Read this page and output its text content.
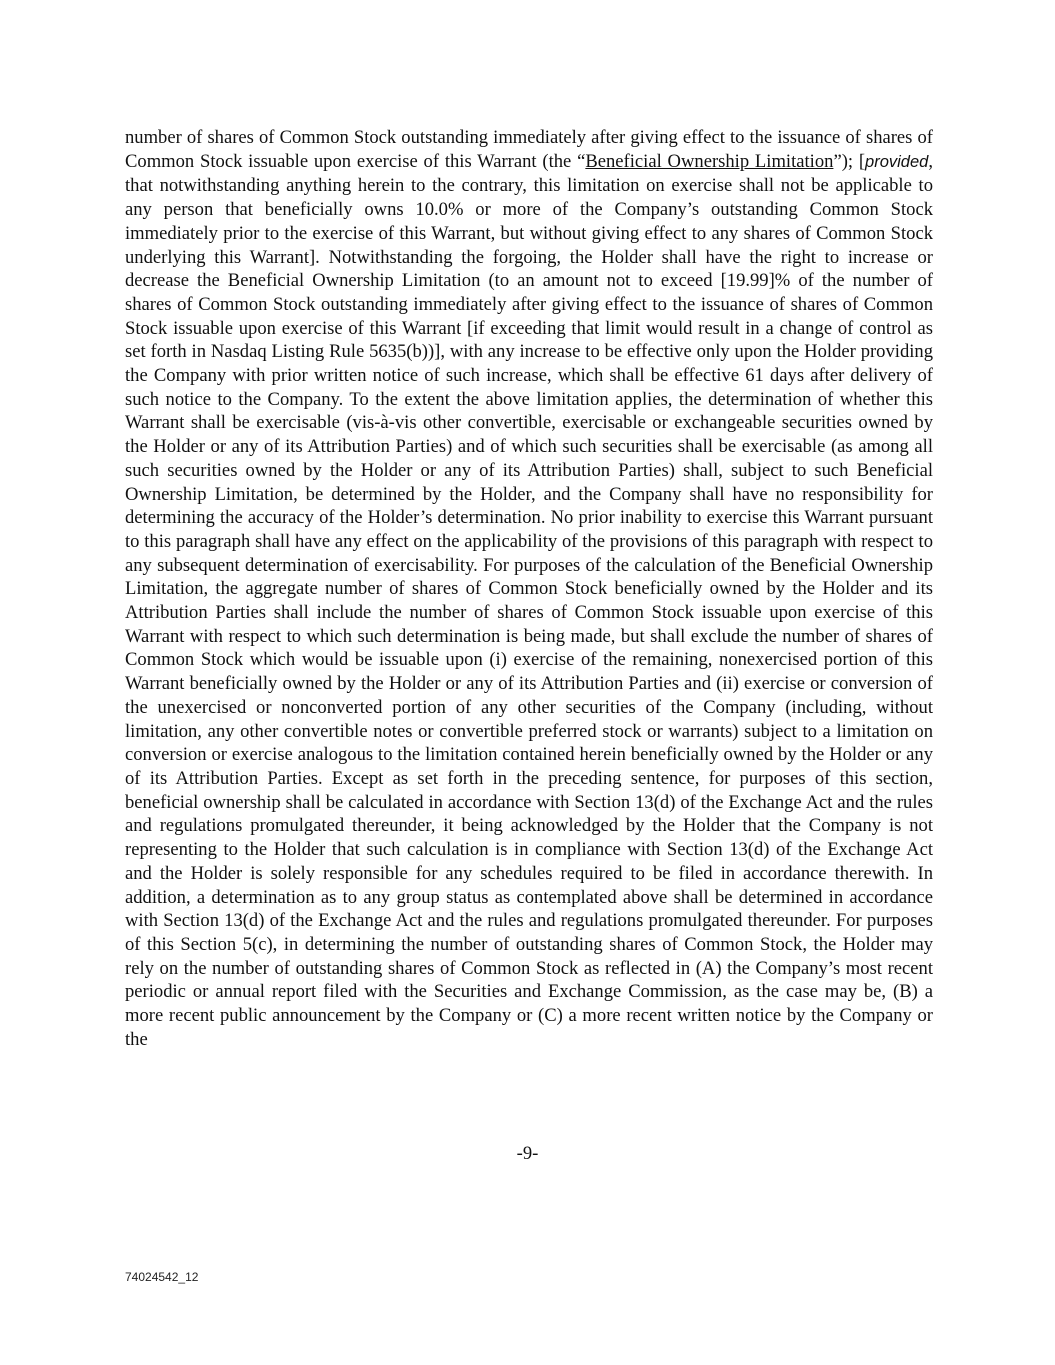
number of shares of Common Stock outstanding immediately after giving effect to the issuance of shares of Common Stock issuable upon exercise of this Warrant (the “Beneficial Ownership Limitation”); [provided, that notwithstanding anything herein to the contrary, this limitation on exercise shall not be applicable to any person that beneficially owns 10.0% or more of the Company’s outstanding Common Stock immediately prior to the exercise of this Warrant, but without giving effect to any shares of Common Stock underlying this Warrant]. Notwithstanding the forgoing, the Holder shall have the right to increase or decrease the Beneficial Ownership Limitation (to an amount not to exceed [19.99]% of the number of shares of Common Stock outstanding immediately after giving effect to the issuance of shares of Common Stock issuable upon exercise of this Warrant [if exceeding that limit would result in a change of control as set forth in Nasdaq Listing Rule 5635(b))], with any increase to be effective only upon the Holder providing the Company with prior written notice of such increase, which shall be effective 61 days after delivery of such notice to the Company. To the extent the above limitation applies, the determination of whether this Warrant shall be exercisable (vis-à-vis other convertible, exercisable or exchangeable securities owned by the Holder or any of its Attribution Parties) and of which such securities shall be exercisable (as among all such securities owned by the Holder or any of its Attribution Parties) shall, subject to such Beneficial Ownership Limitation, be determined by the Holder, and the Company shall have no responsibility for determining the accuracy of the Holder’s determination. No prior inability to exercise this Warrant pursuant to this paragraph shall have any effect on the applicability of the provisions of this paragraph with respect to any subsequent determination of exercisability. For purposes of the calculation of the Beneficial Ownership Limitation, the aggregate number of shares of Common Stock beneficially owned by the Holder and its Attribution Parties shall include the number of shares of Common Stock issuable upon exercise of this Warrant with respect to which such determination is being made, but shall exclude the number of shares of Common Stock which would be issuable upon (i) exercise of the remaining, nonexercised portion of this Warrant beneficially owned by the Holder or any of its Attribution Parties and (ii) exercise or conversion of the unexercised or nonconverted portion of any other securities of the Company (including, without limitation, any other convertible notes or convertible preferred stock or warrants) subject to a limitation on conversion or exercise analogous to the limitation contained herein beneficially owned by the Holder or any of its Attribution Parties. Except as set forth in the preceding sentence, for purposes of this section, beneficial ownership shall be calculated in accordance with Section 13(d) of the Exchange Act and the rules and regulations promulgated thereunder, it being acknowledged by the Holder that the Company is not representing to the Holder that such calculation is in compliance with Section 13(d) of the Exchange Act and the Holder is solely responsible for any schedules required to be filed in accordance therewith. In addition, a determination as to any group status as contemplated above shall be determined in accordance with Section 13(d) of the Exchange Act and the rules and regulations promulgated thereunder. For purposes of this Section 5(c), in determining the number of outstanding shares of Common Stock, the Holder may rely on the number of outstanding shares of Common Stock as reflected in (A) the Company’s most recent periodic or annual report filed with the Securities and Exchange Commission, as the case may be, (B) a more recent public announcement by the Company or (C) a more recent written notice by the Company or the

-9-
74024542_12
